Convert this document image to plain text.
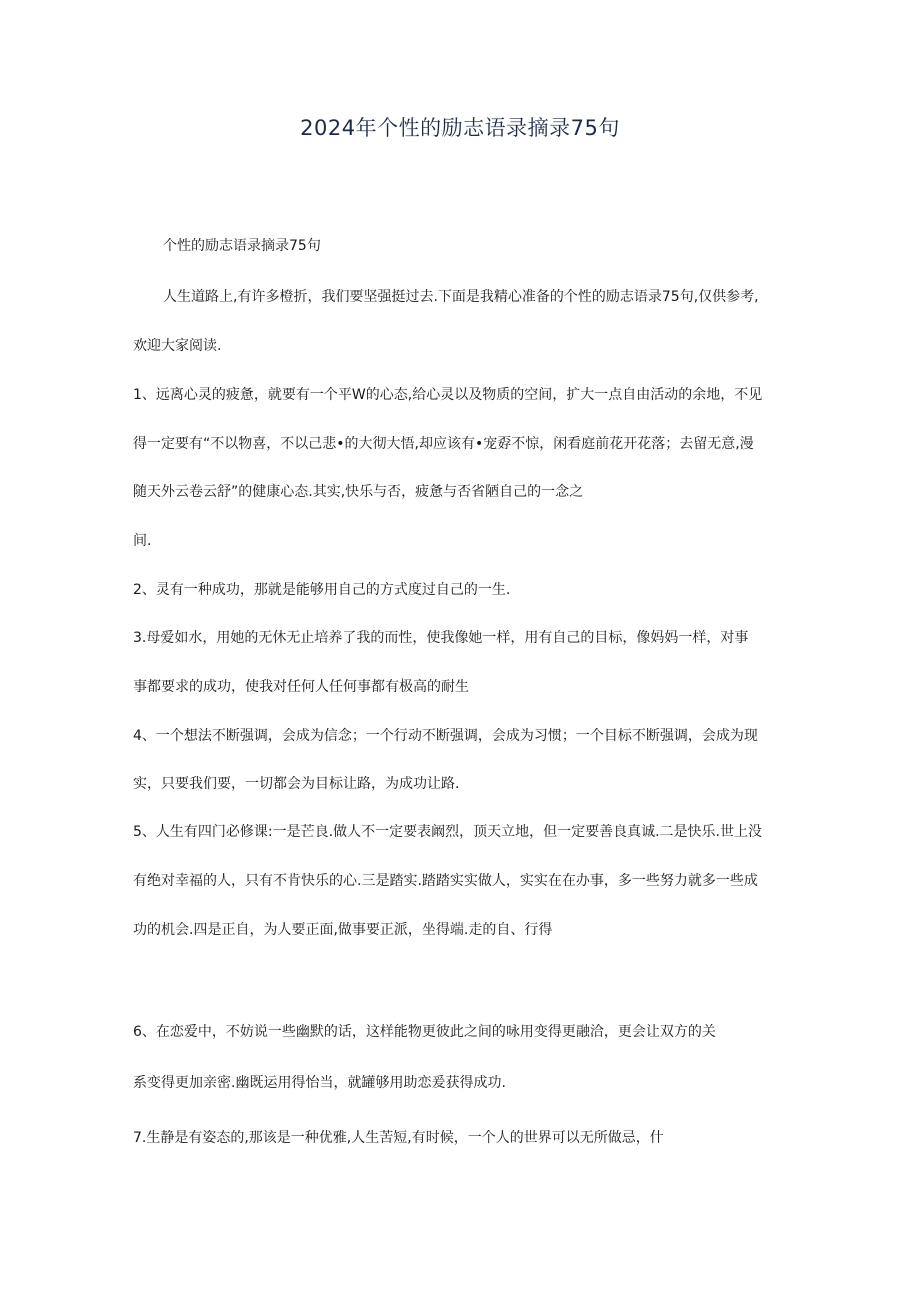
2024年个性的励志语录摘录75句

个性的励志语录摘录75句

人生道路上,有许多橙折，我们要坚强挺过去.下面是我精心准备的个性的励志语录75句,仅供参考,

欢迎大家阅读.

1、远离心灵的疲惫，就要有一个平W的心态,给心灵以及物质的空间，扩大一点自由活动的余地，不见

得一定要有“不以物喜，不以己悲•的大彻大悟,却应该有•宠孬不惊，闲看庭前花开花落；去留无意,漫

随天外云卷云舒”的健康心态.其实,快乐与否，疲惫与否省陋自己的一念之

间.

2、灵有一种成功，那就是能够用自己的方式度过自己的一生.

3.母爱如水，用她的无休无止培养了我的而性，使我像她一样，用有自己的目标，像妈妈一样，对事

事都要求的成功，使我对任何人任何事都有极高的耐生

4、一个想法不断强调，会成为信念；一个行动不断强调，会成为习惯；一个目标不断强调，会成为现

实，只要我们要，一切都会为目标让路，为成功让路.

5、人生有四门必修课:一是芒良.做人不一定要表阚烈，顶天立地，但一定要善良真诚.二是快乐.世上没

有绝对幸福的人，只有不肯快乐的心.三是踏实.踏踏实实做人，实实在在办事，多一些努力就多一些成

功的机会.四是正自，为人要正面,做事要正派，坐得端.走的自、行得

6、在恋爱中，不妨说一些幽默的话，这样能物更彼此之间的咏用变得更融洽，更会让双方的关

系变得更加亲密.幽既运用得怡当，就罐够用助恋爰获得成功.

7.生静是有姿态的,那该是一种优雅,人生苦短,有时候，一个人的世界可以无所做忌，什
